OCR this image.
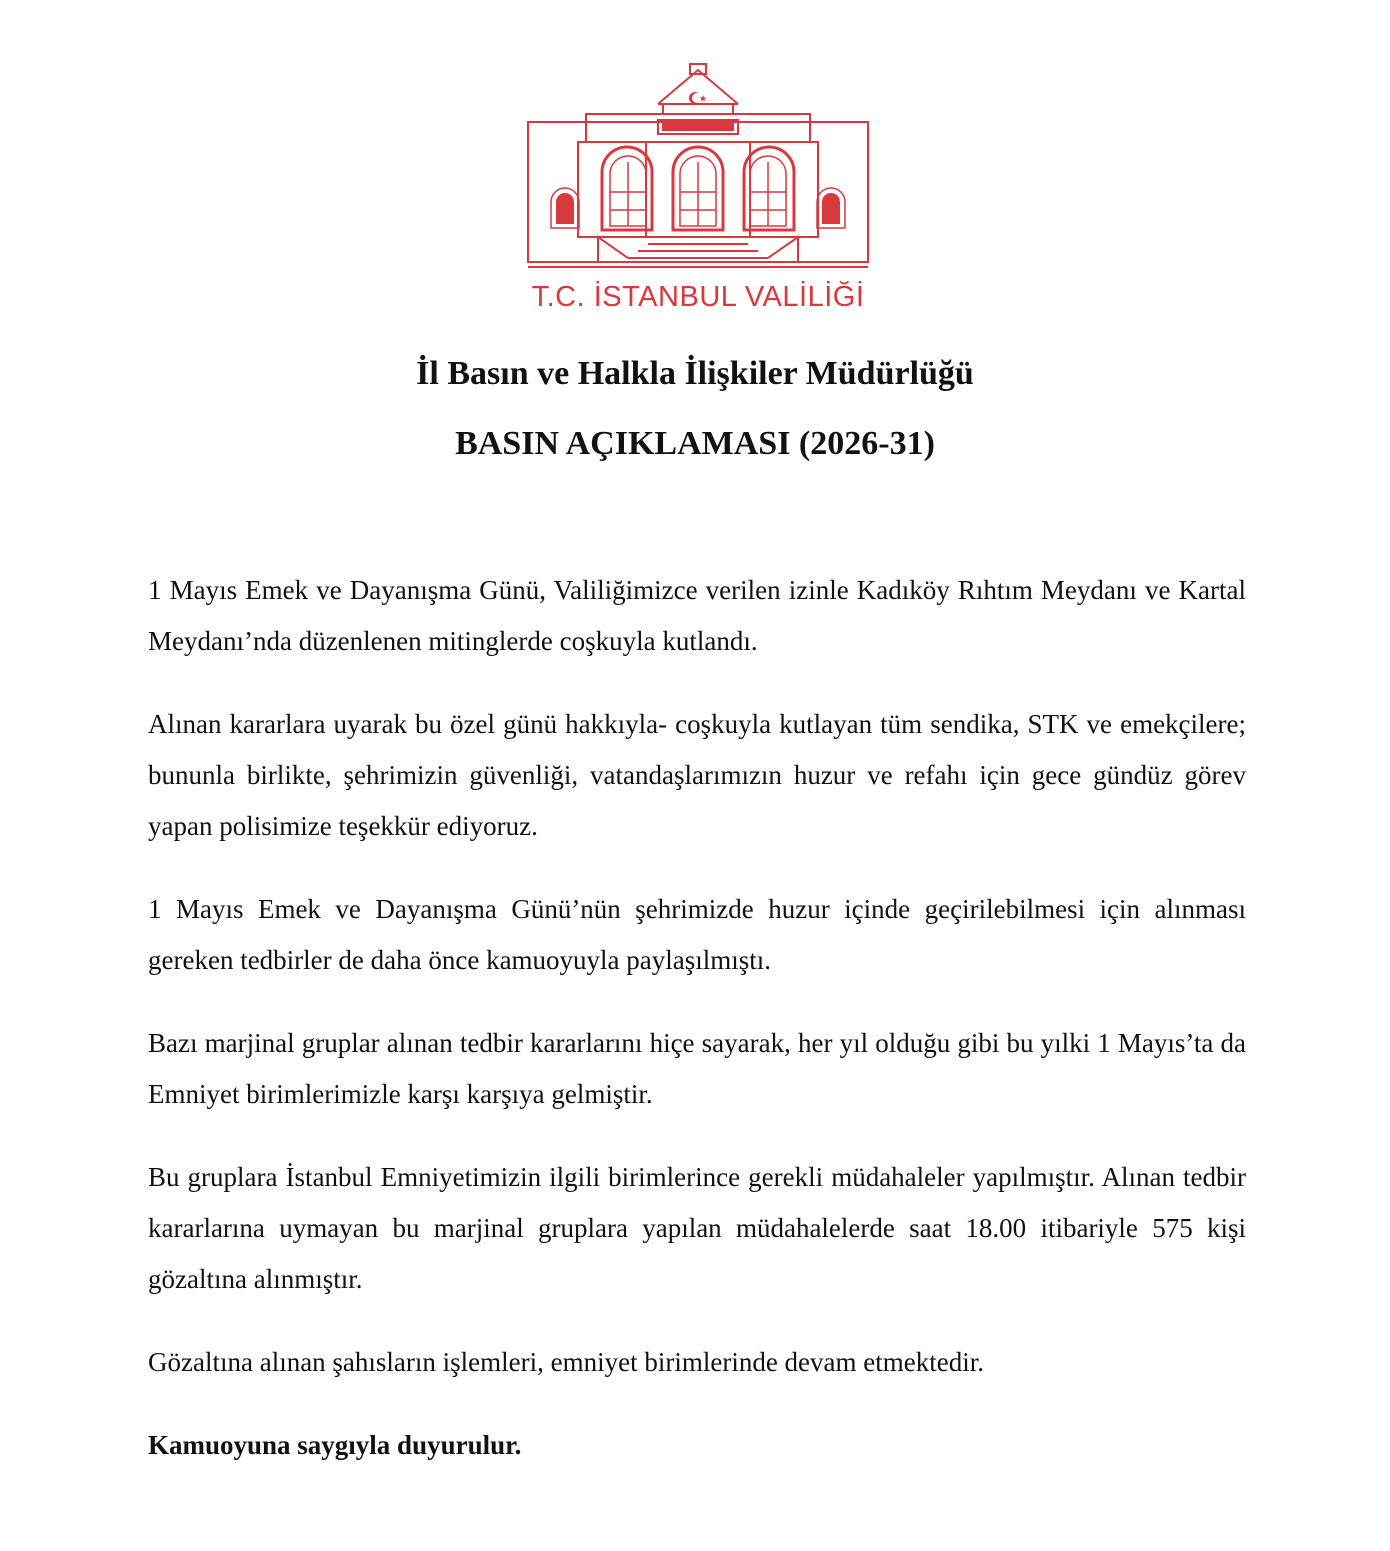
T.C. İSTANBUL VALİLİĞİ
İl Basın ve Halkla İlişkiler Müdürlüğü
BASIN AÇIKLAMASI (2026-31)

1 Mayıs Emek ve Dayanışma Günü, Valiliğimizce verilen izinle Kadıköy Rıhtım Meydanı ve Kartal Meydanı’nda düzenlenen mitinglerde coşkuyla kutlandı.

Alınan kararlara uyarak bu özel günü hakkıyla- coşkuyla kutlayan tüm sendika, STK ve emekçilere; bununla birlikte, şehrimizin güvenliği, vatandaşlarımızın huzur ve refahı için gece gündüz görev yapan polisimize teşekkür ediyoruz.

1 Mayıs Emek ve Dayanışma Günü’nün şehrimizde huzur içinde geçirilebilmesi için alınması gereken tedbirler de daha önce kamuoyuyla paylaşılmıştı.

Bazı marjinal gruplar alınan tedbir kararlarını hiçe sayarak, her yıl olduğu gibi bu yılki 1 Mayıs’ta da Emniyet birimlerimizle karşı karşıya gelmiştir.

Bu gruplara İstanbul Emniyetimizin ilgili birimlerince gerekli müdahaleler yapılmıştır. Alınan tedbir kararlarına uymayan bu marjinal gruplara yapılan müdahalelerde saat 18.00 itibariyle 575 kişi gözaltına alınmıştır.

Gözaltına alınan şahısların işlemleri, emniyet birimlerinde devam etmektedir.

Kamuoyuna saygıyla duyurulur.
